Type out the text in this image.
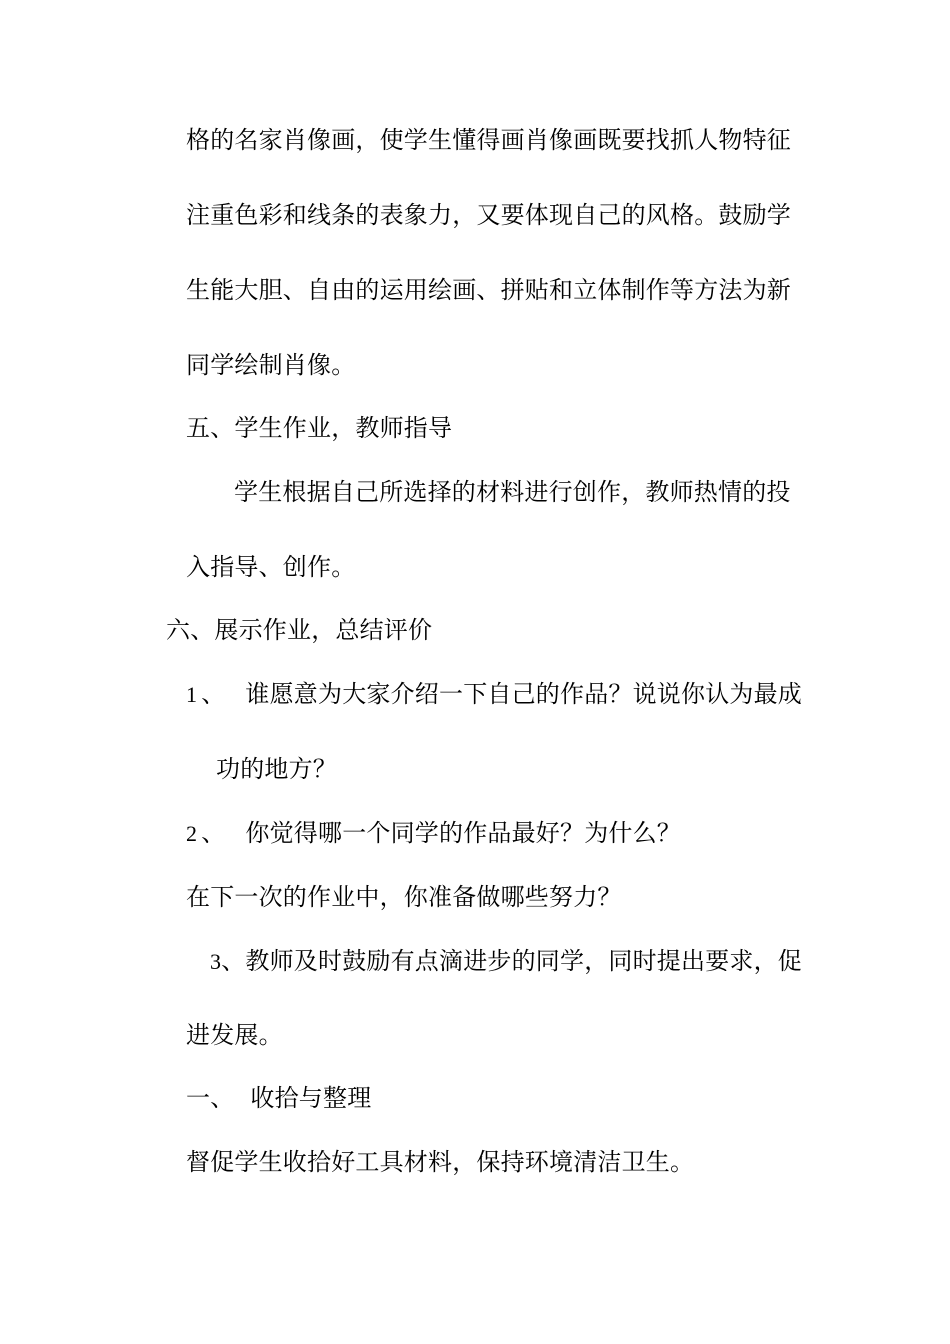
格的名家肖像画，使学生懂得画肖像画既要找抓人物特征
注重色彩和线条的表象力，又要体现自己的风格。鼓励学
生能大胆、自由的运用绘画、拼贴和立体制作等方法为新
同学绘制肖像。
五、学生作业，教师指导
学生根据自己所选择的材料进行创作，教师热情的投
入指导、创作。
六、展示作业，总结评价
1 、 谁愿意为大家介绍一下自己的作品？说说你认为最成
功的地方？
2 、 你觉得哪一个同学的作品最好？为什么？
在下一次的作业中，你准备做哪些努力？
3、教师及时鼓励有点滴进步的同学，同时提出要求，促
进发展。
一、 收拾与整理
督促学生收拾好工具材料，保持环境清洁卫生。
